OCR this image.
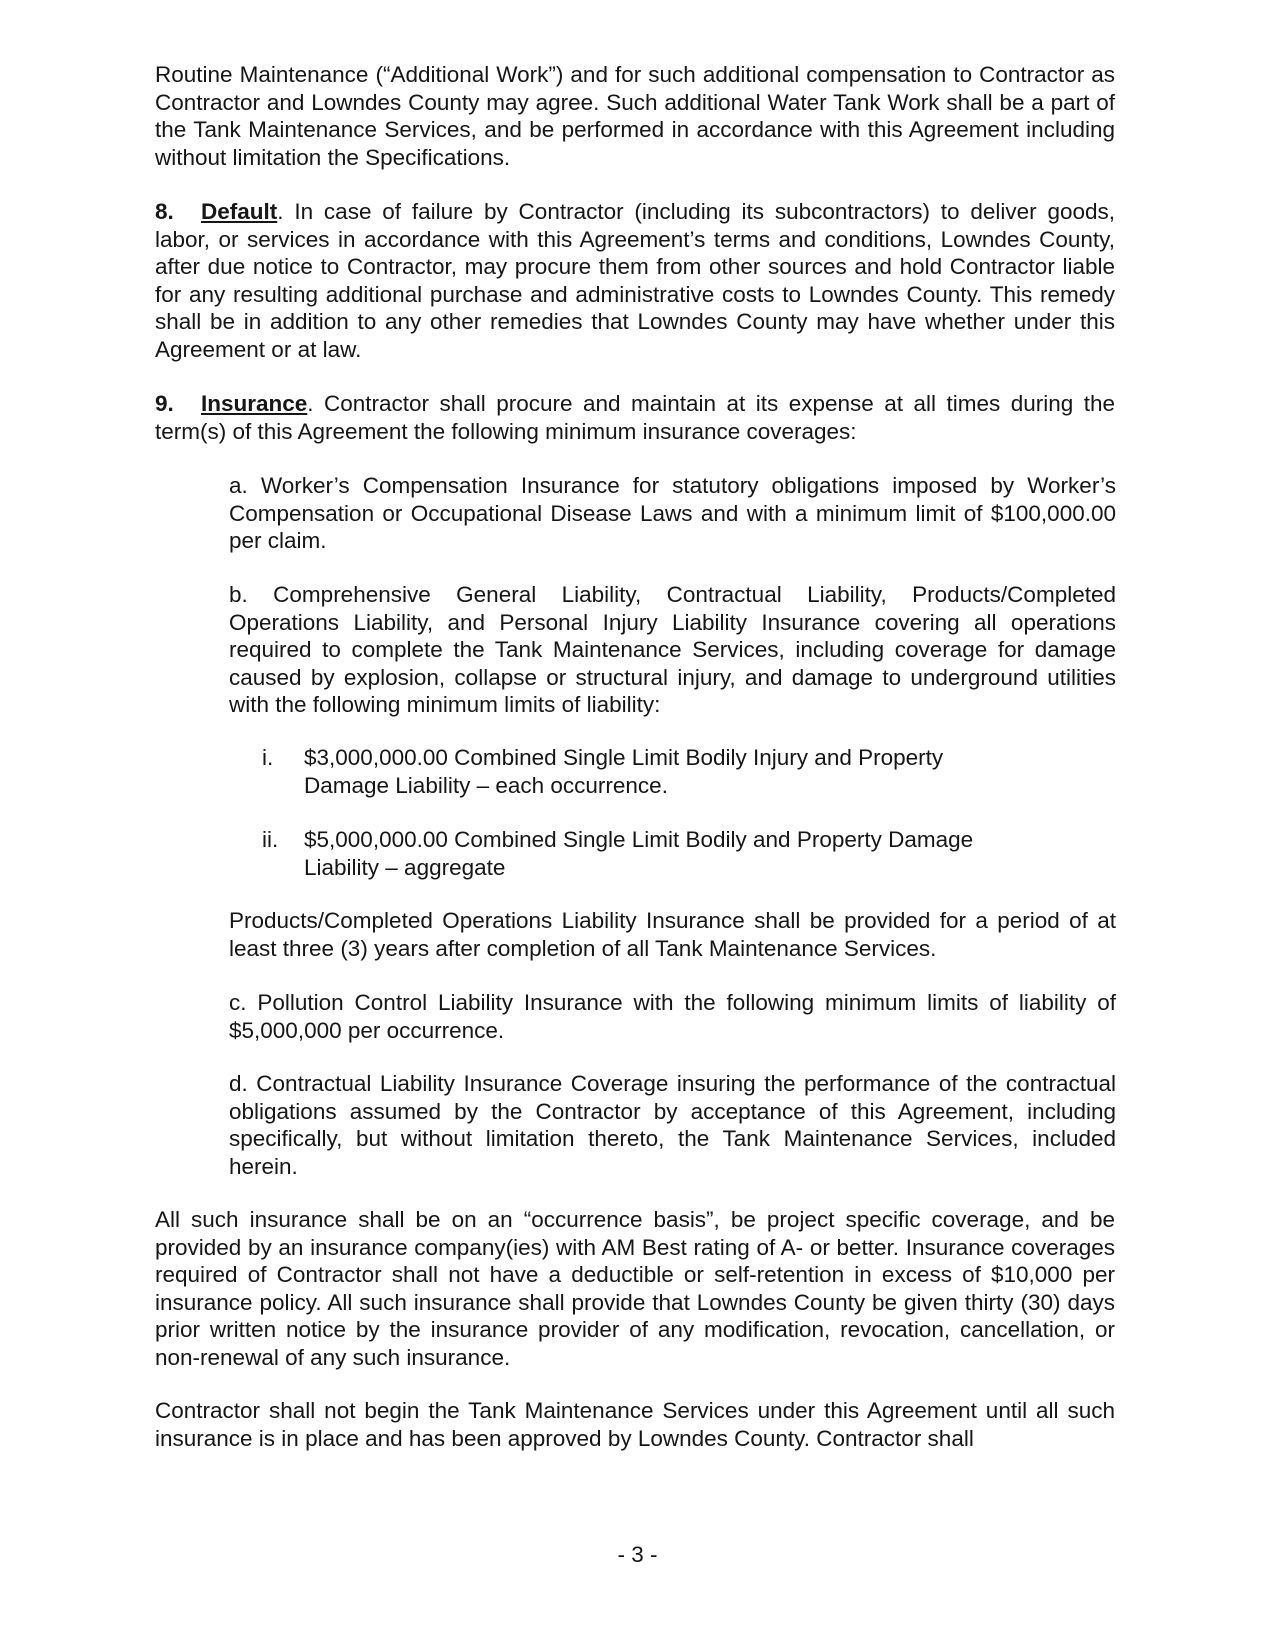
Routine Maintenance (“Additional Work”) and for such additional compensation to Contractor as Contractor and Lowndes County may agree. Such additional Water Tank Work shall be a part of the Tank Maintenance Services, and be performed in accordance with this Agreement including without limitation the Specifications.

8. Default. In case of failure by Contractor (including its subcontractors) to deliver goods, labor, or services in accordance with this Agreement’s terms and conditions, Lowndes County, after due notice to Contractor, may procure them from other sources and hold Contractor liable for any resulting additional purchase and administrative costs to Lowndes County. This remedy shall be in addition to any other remedies that Lowndes County may have whether under this Agreement or at law.

9. Insurance. Contractor shall procure and maintain at its expense at all times during the term(s) of this Agreement the following minimum insurance coverages:

a. Worker’s Compensation Insurance for statutory obligations imposed by Worker’s Compensation or Occupational Disease Laws and with a minimum limit of $100,000.00 per claim.

b. Comprehensive General Liability, Contractual Liability, Products/Completed Operations Liability, and Personal Injury Liability Insurance covering all operations required to complete the Tank Maintenance Services, including coverage for damage caused by explosion, collapse or structural injury, and damage to underground utilities with the following minimum limits of liability:

i.	$3,000,000.00 Combined Single Limit Bodily Injury and Property Damage Liability – each occurrence.
ii.	$5,000,000.00 Combined Single Limit Bodily and Property Damage Liability – aggregate

Products/Completed Operations Liability Insurance shall be provided for a period of at least three (3) years after completion of all Tank Maintenance Services.

c. Pollution Control Liability Insurance with the following minimum limits of liability of $5,000,000 per occurrence.

d. Contractual Liability Insurance Coverage insuring the performance of the contractual obligations assumed by the Contractor by acceptance of this Agreement, including specifically, but without limitation thereto, the Tank Maintenance Services, included herein.

All such insurance shall be on an “occurrence basis”, be project specific coverage, and be provided by an insurance company(ies) with AM Best rating of A- or better. Insurance coverages required of Contractor shall not have a deductible or self-retention in excess of $10,000 per insurance policy. All such insurance shall provide that Lowndes County be given thirty (30) days prior written notice by the insurance provider of any modification, revocation, cancellation, or non-renewal of any such insurance.

Contractor shall not begin the Tank Maintenance Services under this Agreement until all such insurance is in place and has been approved by Lowndes County. Contractor shall

- 3 -
